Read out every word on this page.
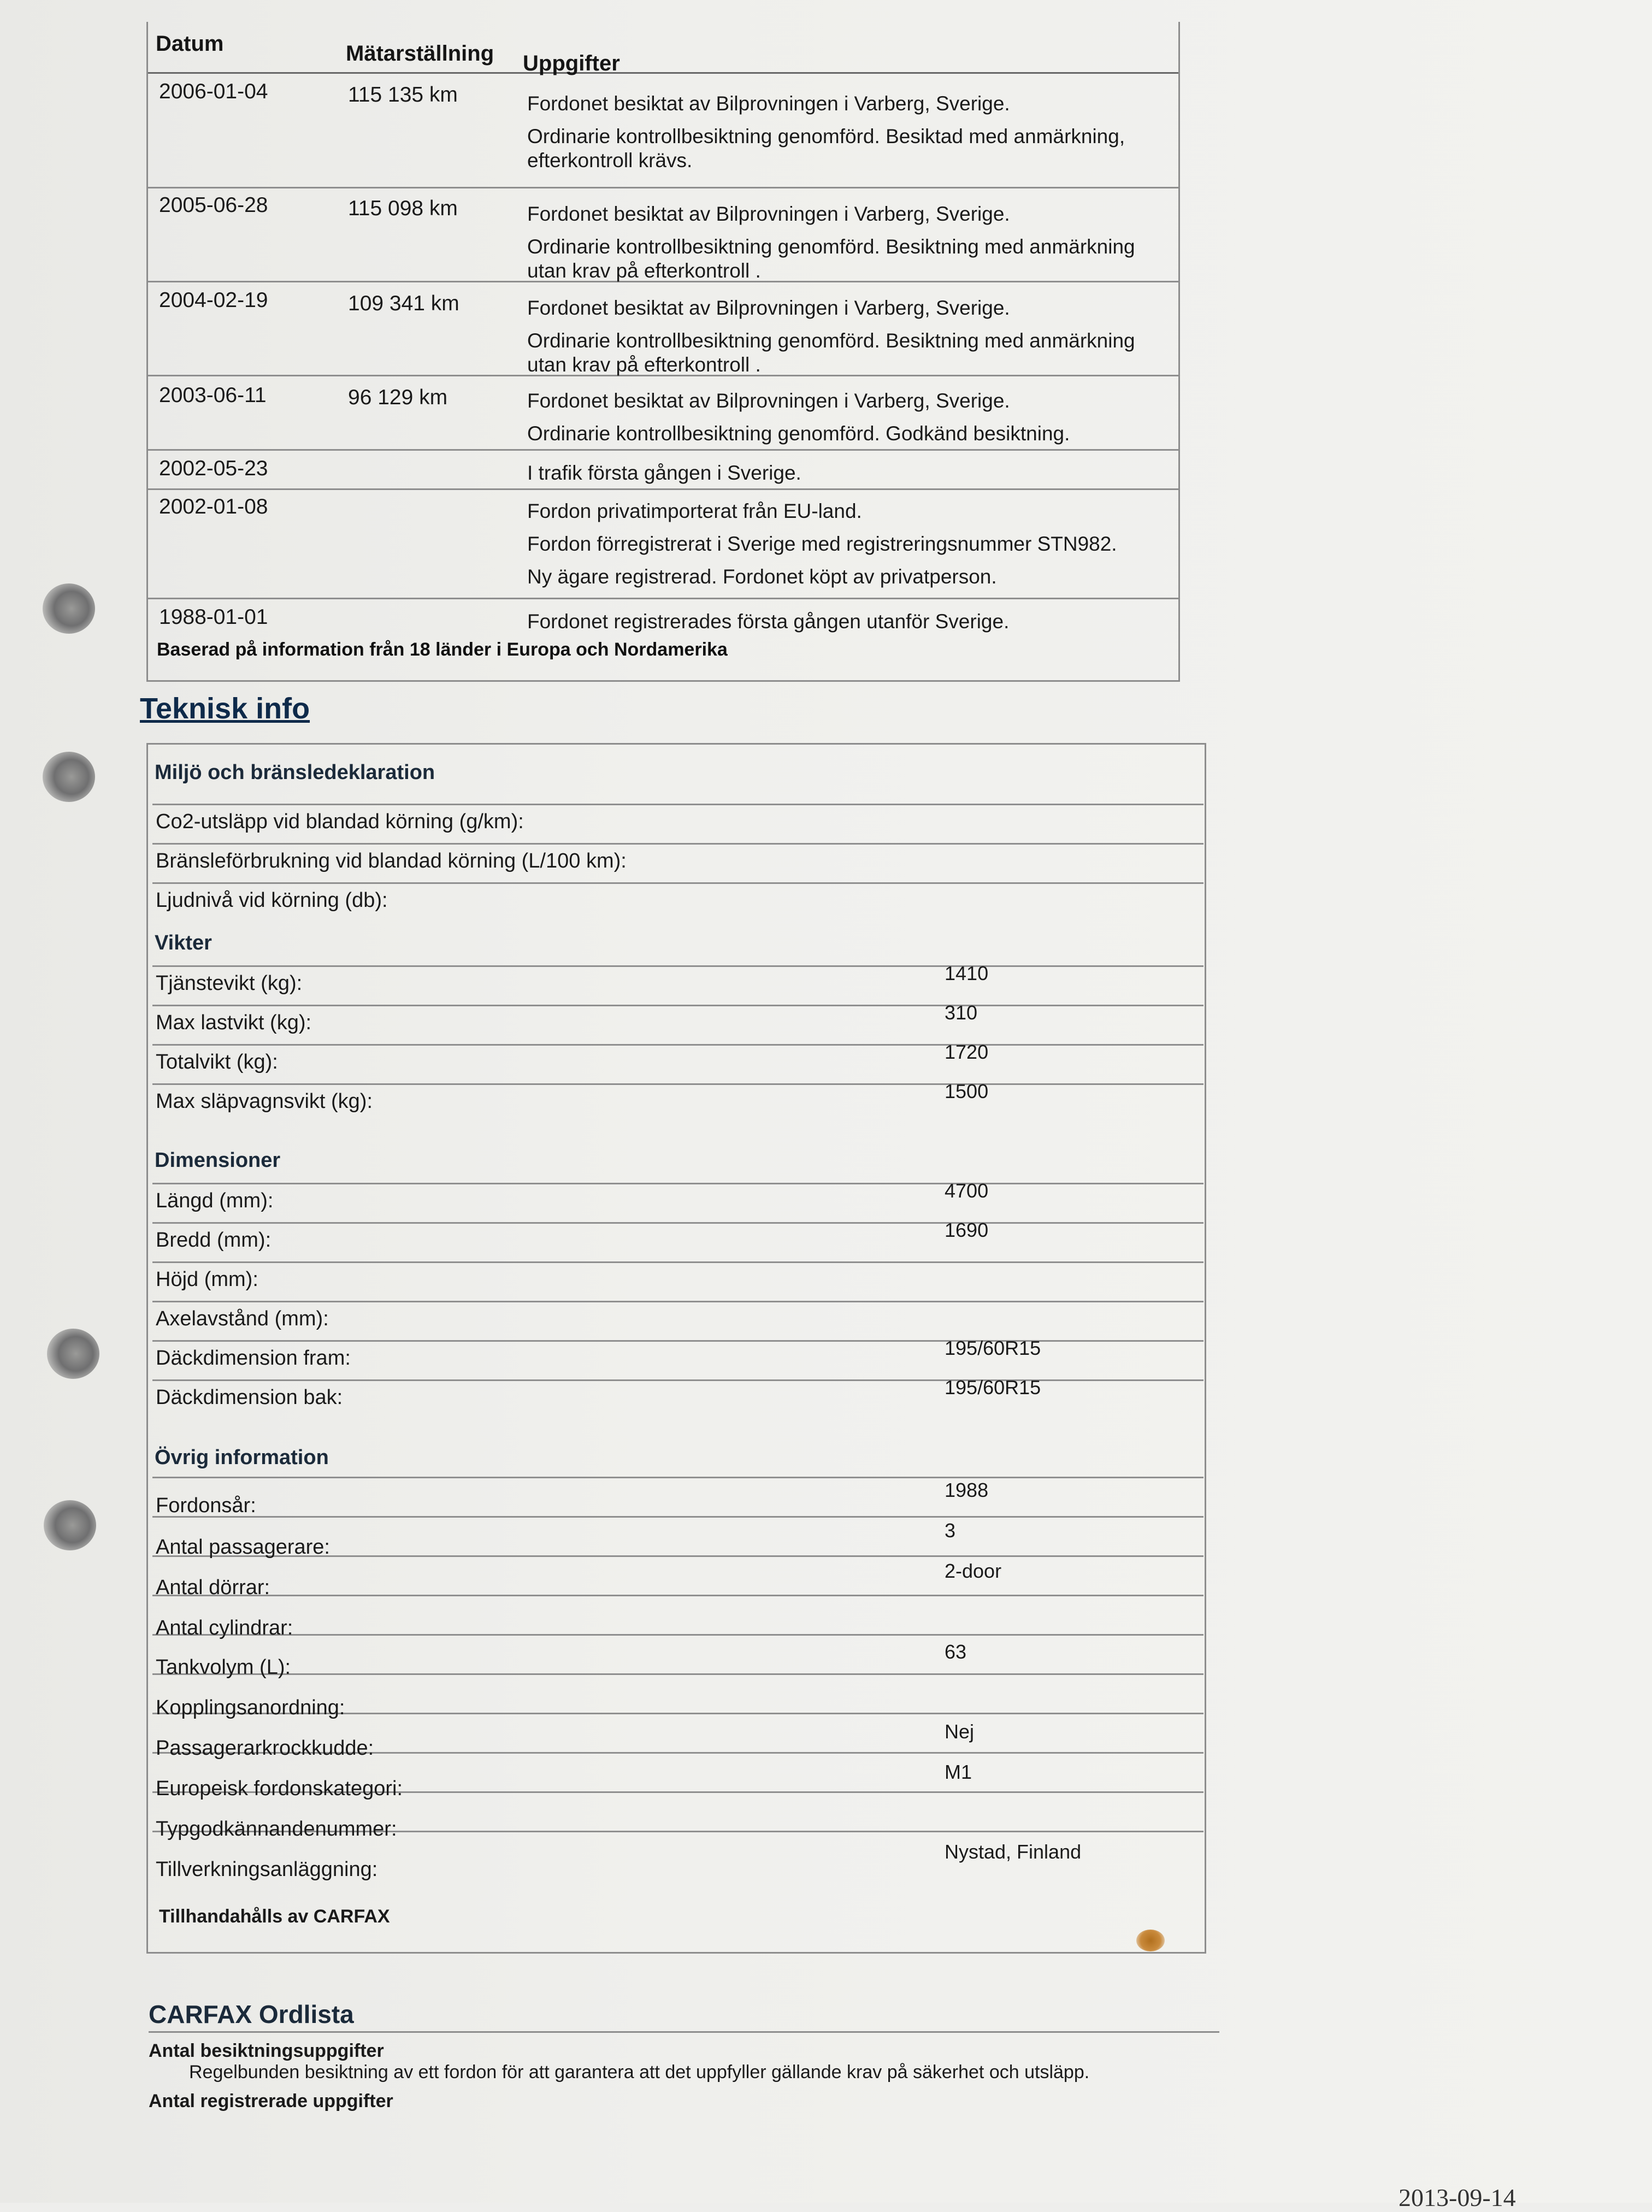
Datum	Mätarställning Uppgifter
2006-01-04	115 135 km	Fordonet besiktat av Bilprovningen i Varberg, Sverige.
Ordinarie kontrollbesiktning genomförd. Besiktad med anmärkning, efterkontroll krävs.
2005-06-28	115 098 km	Fordonet besiktat av Bilprovningen i Varberg, Sverige.
Ordinarie kontrollbesiktning genomförd. Besiktning med anmärkning utan krav på efterkontroll .
2004-02-19	109 341 km	Fordonet besiktat av Bilprovningen i Varberg, Sverige.
Ordinarie kontrollbesiktning genomförd. Besiktning med anmärkning utan krav på efterkontroll .
2003-06-11	96 129 km	Fordonet besiktat av Bilprovningen i Varberg, Sverige.
Ordinarie kontrollbesiktning genomförd. Godkänd besiktning.
2002-05-23	I trafik första gången i Sverige.
2002-01-08	Fordon privatimporterat från EU-land.
Fordon förregistrerat i Sverige med registreringsnummer STN982.
Ny ägare registrerad. Fordonet köpt av privatperson.
1988-01-01	Fordonet registrerades första gången utanför Sverige.
Baserad på information från 18 länder i Europa och Nordamerika
Teknisk info
Miljö och bränsledeklaration
Co2-utsläpp vid blandad körning (g/km):
Bränsleförbrukning vid blandad körning (L/100 km):
Ljudnivå vid körning (db):
Vikter
Tjänstevikt (kg):	1410
Max lastvikt (kg):	310
Totalvikt (kg):	1720
Max släpvagnsvikt (kg):	1500
Dimensioner
Längd (mm):	4700
Bredd (mm):	1690
Höjd (mm):
Axelavstånd (mm):
Däckdimension fram:	195/60R15
Däckdimension bak:	195/60R15
Övrig information
Fordonsår:
1988
Antal passagerare:
3
Antal dörrar:
2-door
Antal cylindrar:
Tankvolym (L):
63
Kopplingsanordning:
Passagerarkrockkudde:
Nej
Europeisk fordonskategori:
M1
Typgodkännandenummer:
Tillverkningsanläggning:
Nystad, Finland
Tillhandahålls av CARFAX
CARFAX Ordlista
Antal besiktningsuppgifter
Regelbunden besiktning av ett fordon för att garantera att det uppfyller gällande krav på säkerhet och utsläpp.
Antal registrerade uppgifter
2013-09-14
